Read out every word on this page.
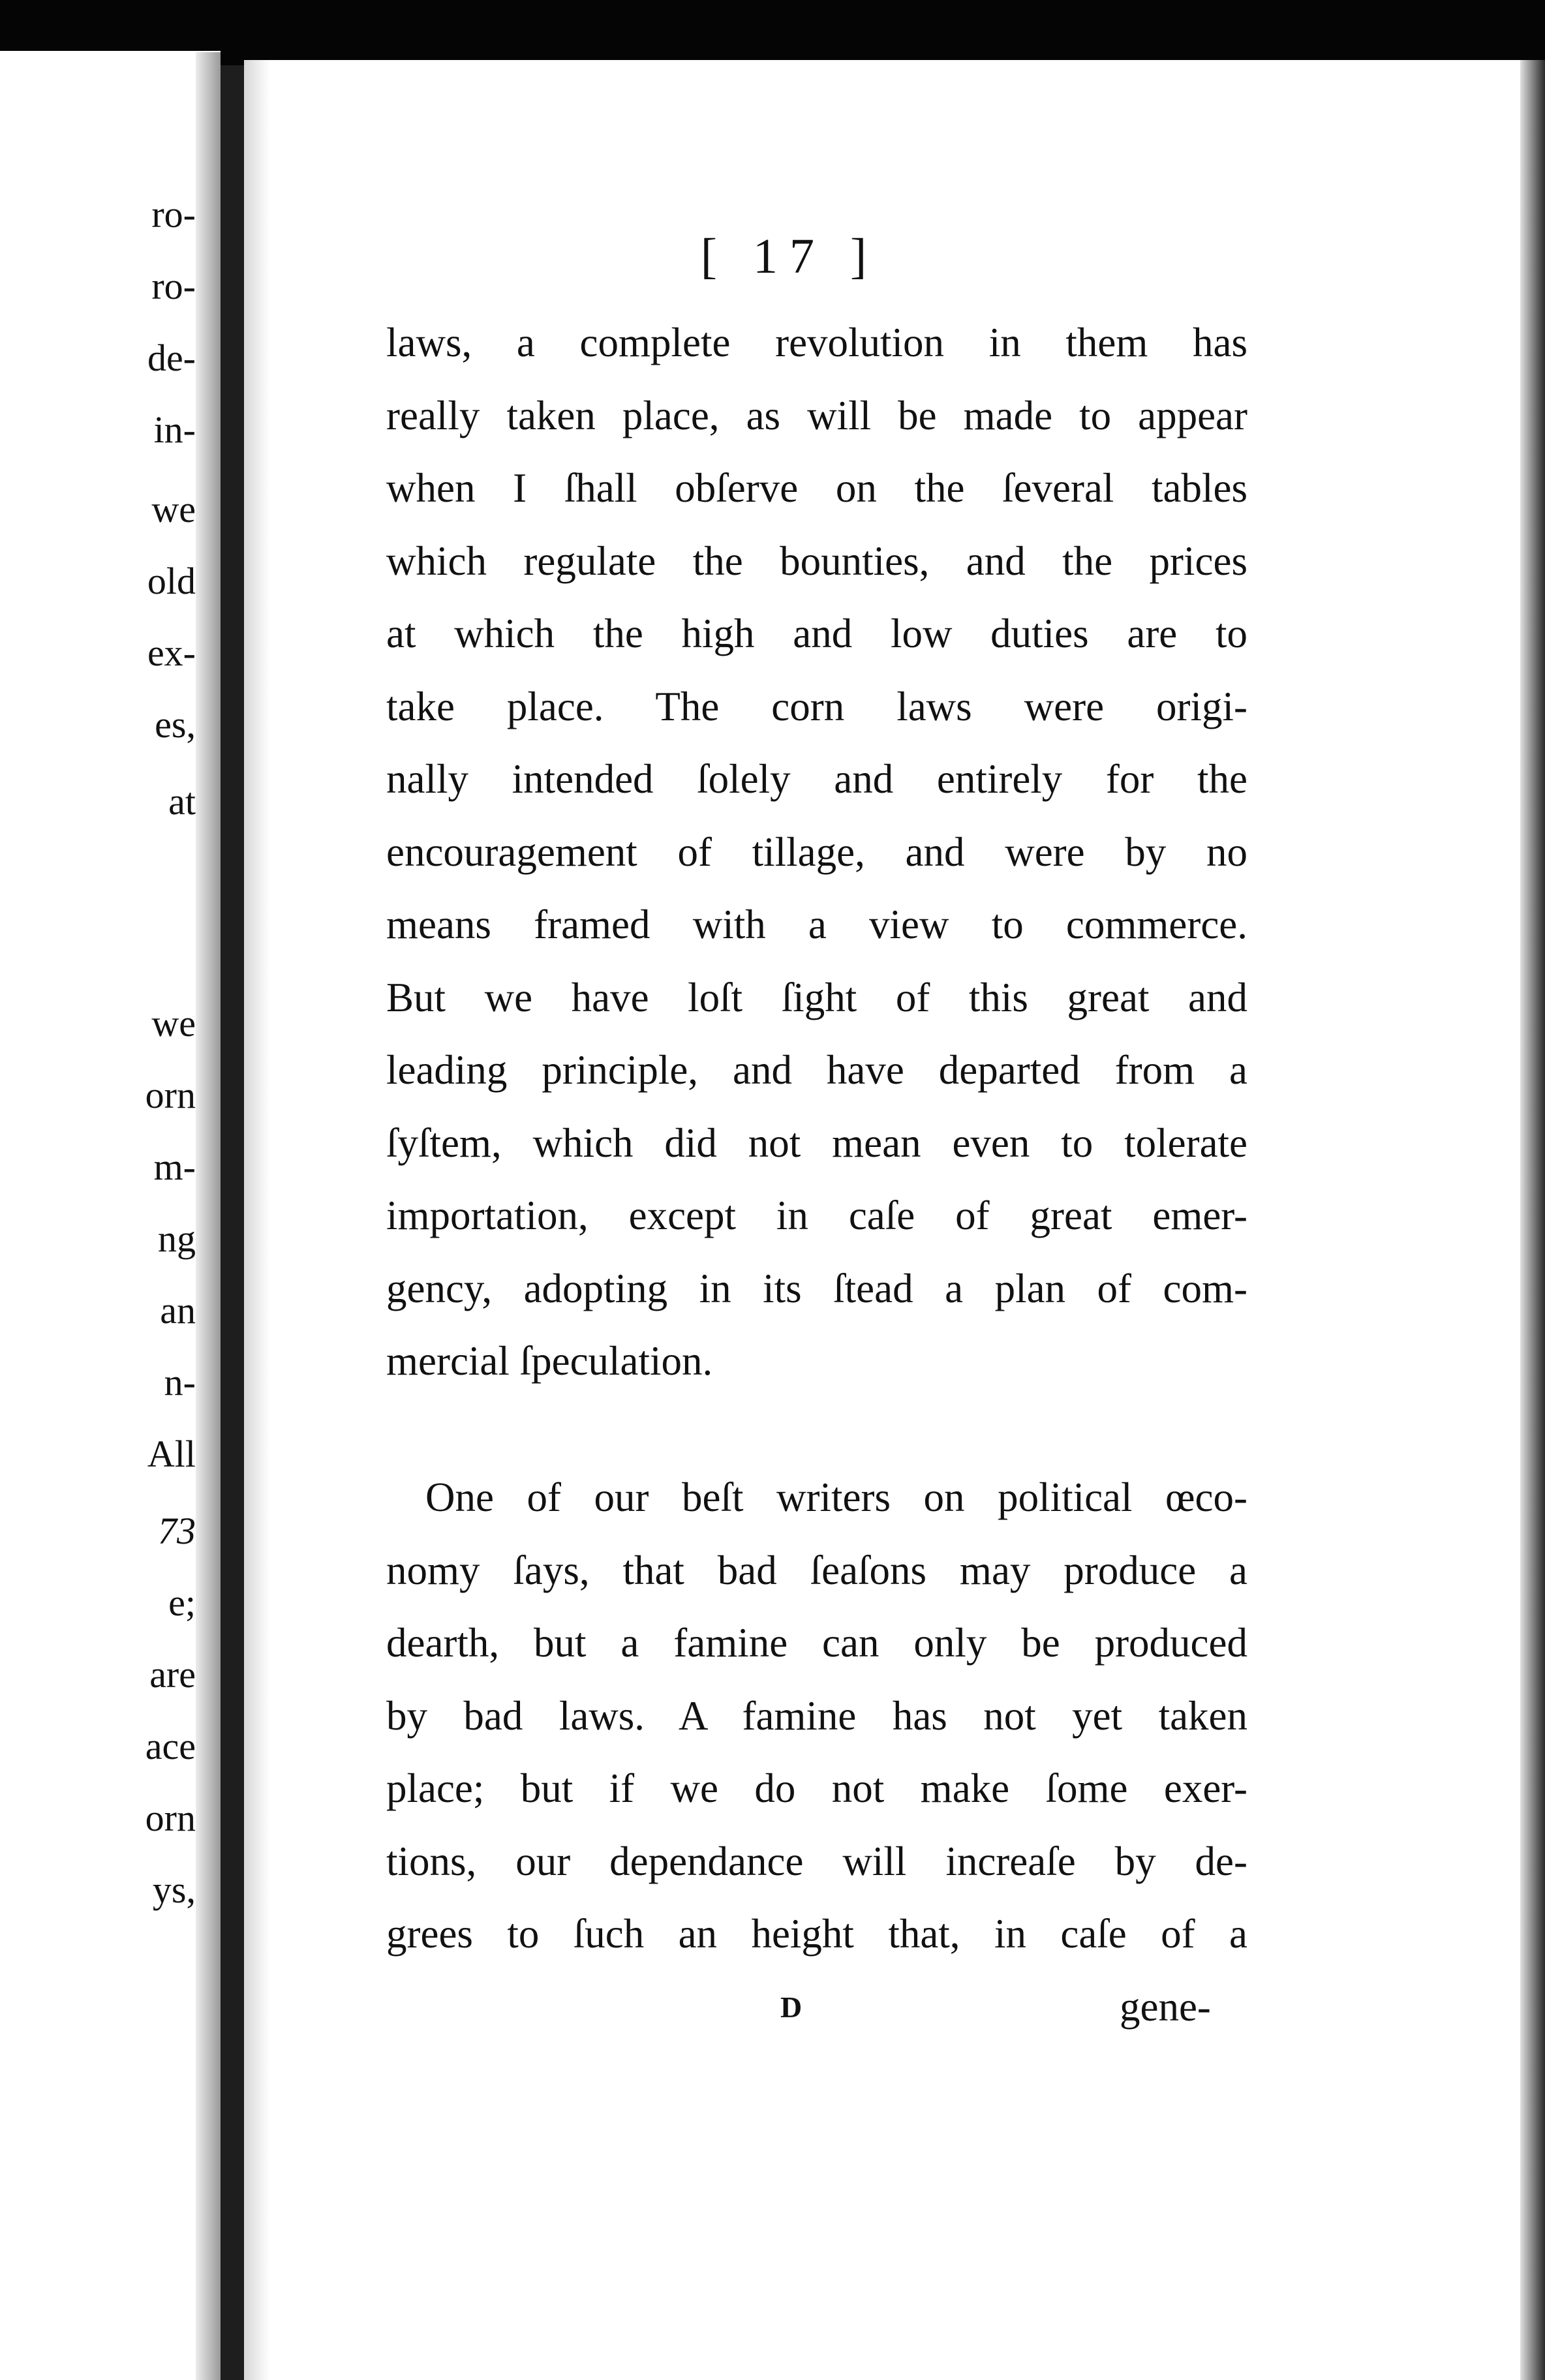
ro-
ro-
de-
in-
we
old
ex-
es,
at
we
orn
m-
ng
an
n-
All
73
e;
are
ace
orn
ys,
[ 17 ]
laws, a complete revolution in them has
really taken place, as will be made to appear
when I ſhall obſerve on the ſeveral tables
which regulate the bounties, and the prices
at which the high and low duties are to
take place. The corn laws were origi-
nally intended ſolely and entirely for the
encouragement of tillage, and were by no
means framed with a view to commerce.
But we have loſt ſight of this great and
leading principle, and have departed from a
ſyſtem, which did not mean even to tolerate
importation, except in caſe of great emer-
gency, adopting in its ſtead a plan of com-
mercial ſpeculation.
One of our beſt writers on political œco-
nomy ſays, that bad ſeaſons may produce a
dearth, but a famine can only be produced
by bad laws. A famine has not yet taken
place; but if we do not make ſome exer-
tions, our dependance will increaſe by de-
grees to ſuch an height that, in caſe of a
D	gene-
